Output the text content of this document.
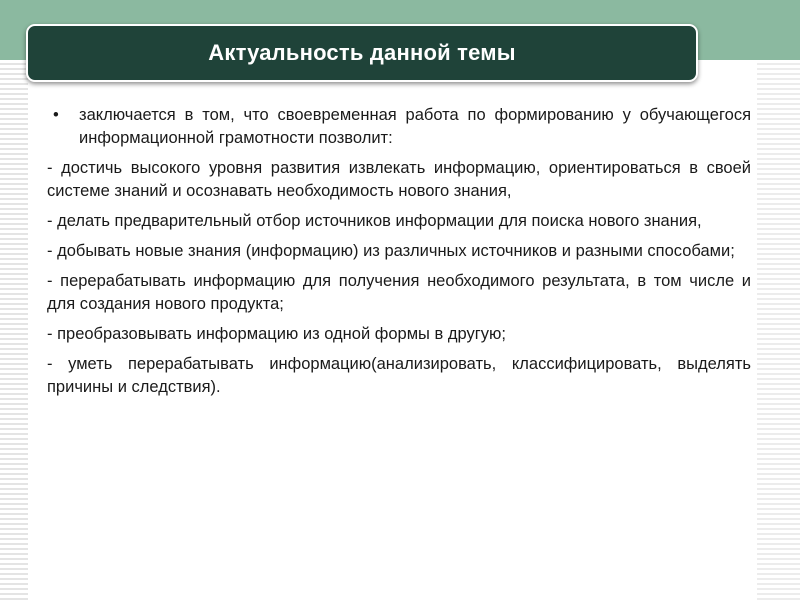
Актуальность данной темы

• заключается в том, что своевременная работа по формированию у обучающегося информационной грамотности позволит:

- достичь высокого уровня развития извлекать информацию, ориентироваться в своей системе знаний и осознавать необходимость нового знания,

- делать предварительный отбор источников информации для поиска нового знания,

- добывать новые знания (информацию) из различных источников и разными способами;

- перерабатывать информацию для получения необходимого результата, в том числе и для создания нового продукта;

- преобразовывать информацию из одной формы в другую;

- уметь перерабатывать информацию(анализировать, классифицировать, выделять причины и следствия).
